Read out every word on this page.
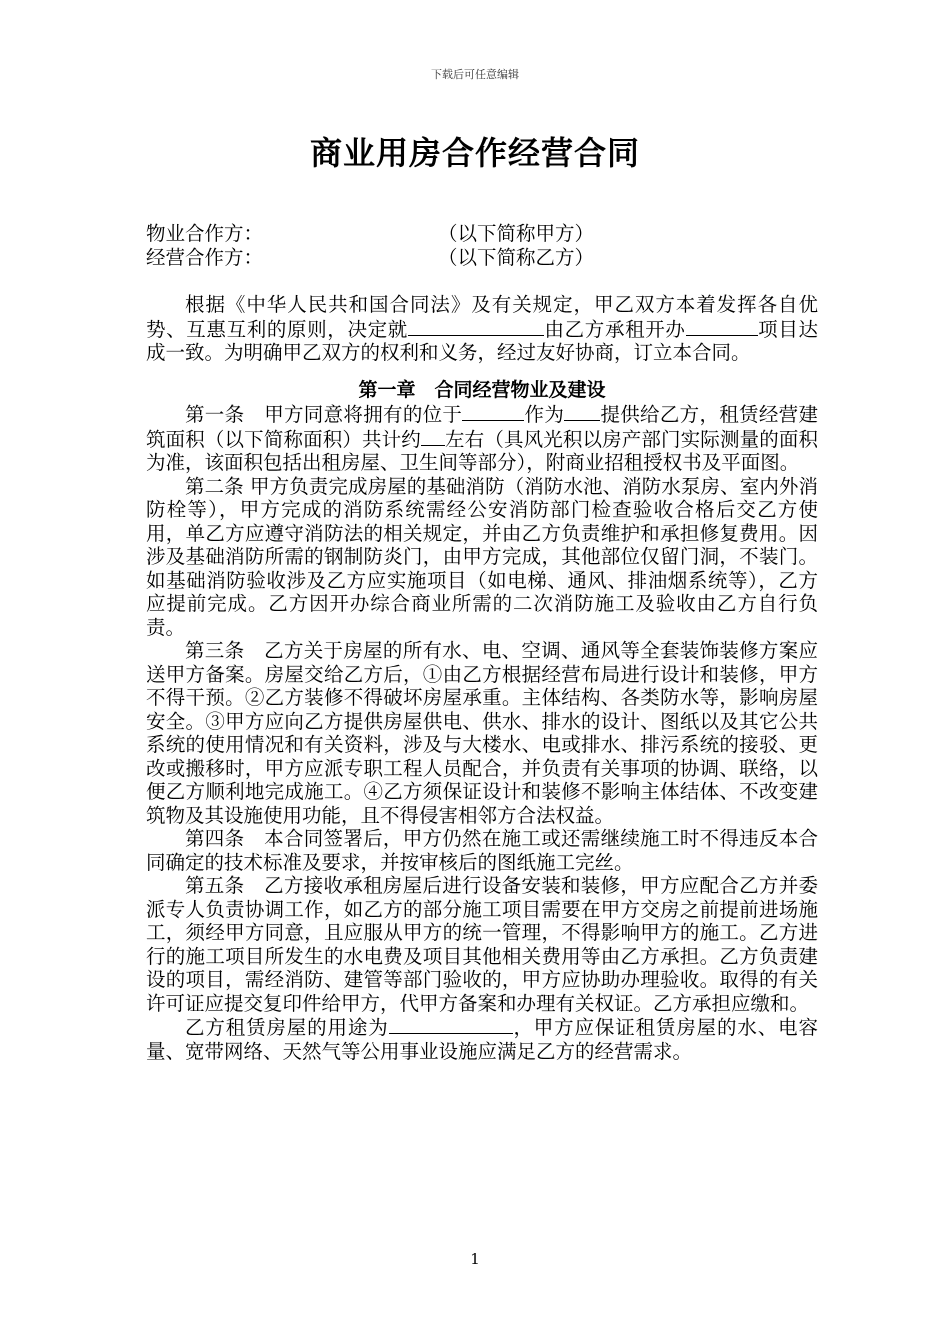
下载后可任意编辑
商业用房合作经营合同
物业合作方：	（以下简称甲方）
经营合作方：	（以下简称乙方）

根据《中华人民共和国合同法》及有关规定，甲乙双方本着发挥各自优势、互惠互利的原则，决定就	由乙方承租开办	项目达成一致。为明确甲乙双方的权利和义务，经过友好协商，订立本合同。

第一章　合同经营物业及建设

第一条　甲方同意将拥有的位于	作为 提供给乙方，租赁经营建筑面积（以下简称面积）共计约 左右（具风光积以房产部门实际测量的面积为准，该面积包括出租房屋、卫生间等部分），附商业招租授权书及平面图。

第二条 甲方负责完成房屋的基础消防（消防水池、消防水泵房、室内外消防栓等），甲方完成的消防系统需经公安消防部门检查验收合格后交乙方使用，单乙方应遵守消防法的相关规定，并由乙方负责维护和承担修复费用。因涉及基础消防所需的钢制防炎门，由甲方完成，其他部位仅留门洞，不装门。如基础消防验收涉及乙方应实施项目（如电梯、通风、排油烟系统等），乙方应提前完成。乙方因开办综合商业所需的二次消防施工及验收由乙方自行负责。

第三条　乙方关于房屋的所有水、电、空调、通风等全套装饰装修方案应送甲方备案。房屋交给乙方后，①由乙方根据经营布局进行设计和装修，甲方不得干预。②乙方装修不得破坏房屋承重。主体结构、各类防水等，影响房屋安全。③甲方应向乙方提供房屋供电、供水、排水的设计、图纸以及其它公共系统的使用情况和有关资料，涉及与大楼水、电或排水、排污系统的接驳、更改或搬移时，甲方应派专职工程人员配合，并负责有关事项的协调、联络，以便乙方顺利地完成施工。④乙方须保证设计和装修不影响主体结体、不改变建筑物及其设施使用功能，且不得侵害相邻方合法权益。

第四条　本合同签署后，甲方仍然在施工或还需继续施工时不得违反本合同确定的技术标准及要求，并按审核后的图纸施工完丝。

第五条　乙方接收承租房屋后进行设备安装和装修，甲方应配合乙方并委派专人负责协调工作，如乙方的部分施工项目需要在甲方交房之前提前进场施工，须经甲方同意，且应服从甲方的统一管理，不得影响甲方的施工。乙方进行的施工项目所发生的水电费及项目其他相关费用等由乙方承担。乙方负责建设的项目，需经消防、建管等部门验收的，甲方应协助办理验收。取得的有关许可证应提交复印件给甲方，代甲方备案和办理有关权证。乙方承担应缴和。

乙方租赁房屋的用途为	，甲方应保证租赁房屋的水、电容量、宽带网络、天然气等公用事业设施应满足乙方的经营需求。

1
